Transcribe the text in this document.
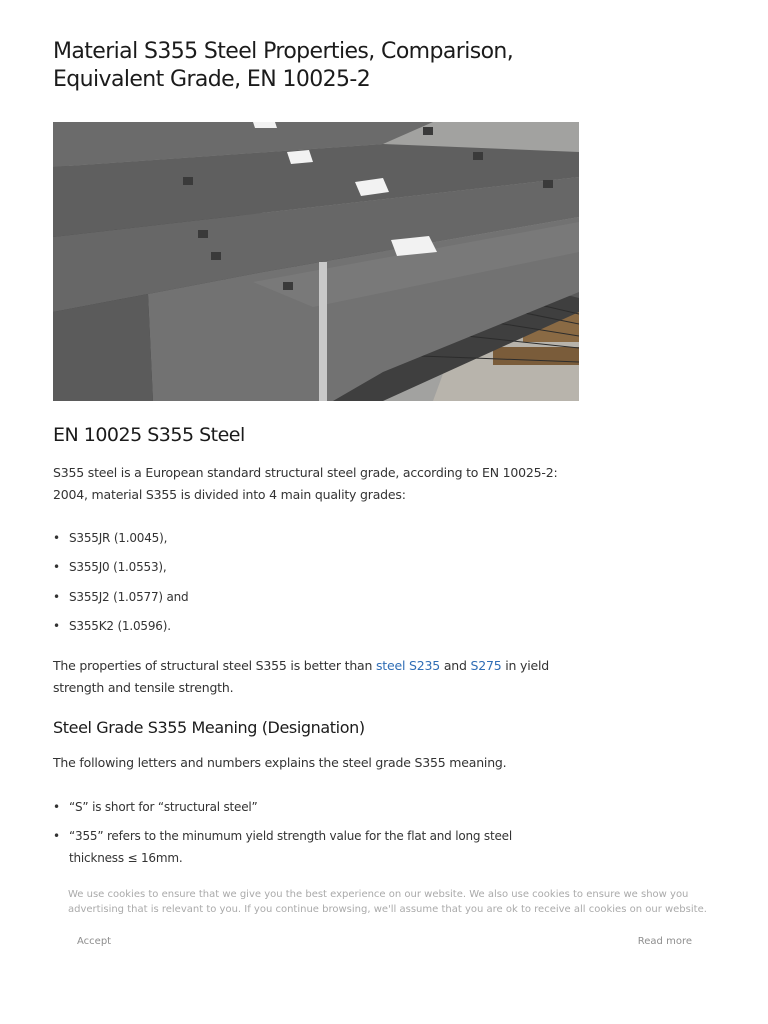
Material S355 Steel Properties, Comparison, Equivalent Grade, EN 10025-2
EN 10025 S355 Steel

S355 steel is a European standard structural steel grade, according to EN 10025-2: 2004, material S355 is divided into 4 main quality grades:

• S355JR (1.0045),
• S355J0 (1.0553),
• S355J2 (1.0577) and
• S355K2 (1.0596).

The properties of structural steel S355 is better than steel S235 and S275 in yield strength and tensile strength.

Steel Grade S355 Meaning (Designation)

The following letters and numbers explains the steel grade S355 meaning.

• “S” is short for “structural steel”
• “355” refers to the minumum yield strength value for the flat and long steel thickness ≤ 16mm.
We use cookies to ensure that we give you the best experience on our website. We also use cookies to ensure we show you advertising that is relevant to you. If you continue browsing, we'll assume that you are ok to receive all cookies on our website.
Accept	Read more
